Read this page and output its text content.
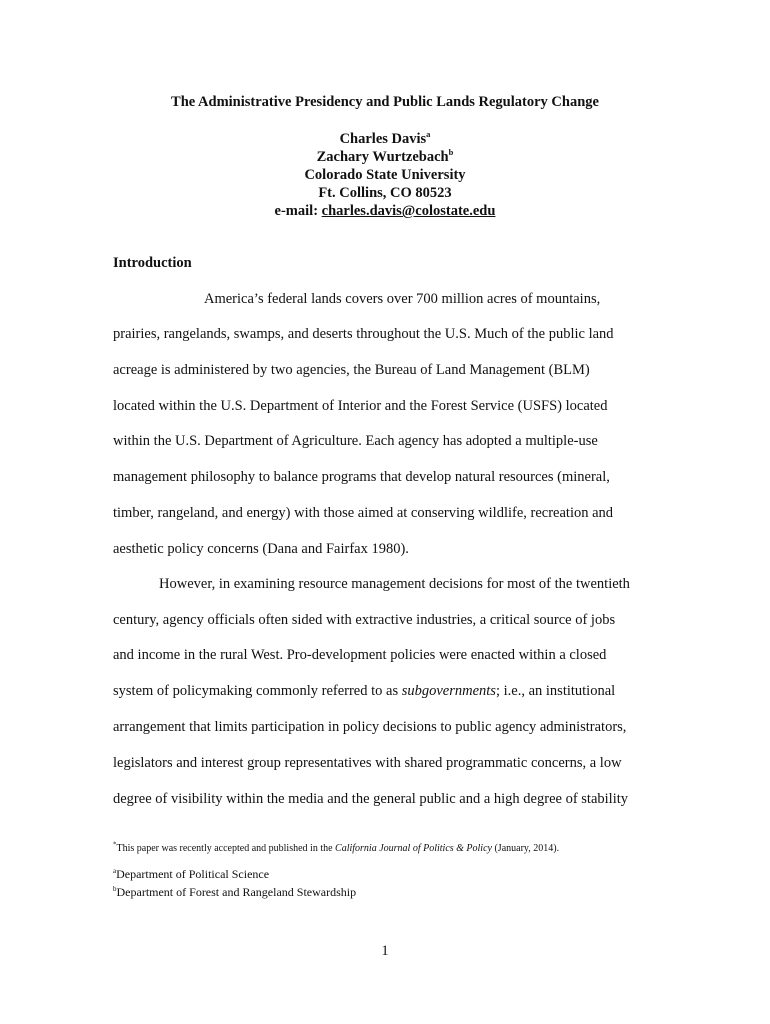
The Administrative Presidency and Public Lands Regulatory Change
Charles Davis$^a$
Zachary Wurtzebach$^b$
Colorado State University
Ft. Collins, CO 80523
e-mail: charles.davis@colostate.edu
Introduction
America’s federal lands covers over 700 million acres of mountains,
prairies, rangelands, swamps, and deserts throughout the U.S. Much of the public land
acreage is administered by two agencies, the Bureau of Land Management (BLM)
located within the U.S. Department of Interior and the Forest Service (USFS) located
within the U.S. Department of Agriculture. Each agency has adopted a multiple-use
management philosophy to balance programs that develop natural resources (mineral,
timber, rangeland, and energy) with those aimed at conserving wildlife, recreation and
aesthetic policy concerns (Dana and Fairfax 1980).
However, in examining resource management decisions for most of the twentieth
century, agency officials often sided with extractive industries, a critical source of jobs
and income in the rural West. Pro-development policies were enacted within a closed
system of policymaking commonly referred to as subgovernments; i.e., an institutional
arrangement that limits participation in policy decisions to public agency administrators,
legislators and interest group representatives with shared programmatic concerns, a low
degree of visibility within the media and the general public and a high degree of stability
*This paper was recently accepted and published in the California Journal of Politics & Policy (January, 2014).
$^a$Department of Political Science
$^b$Department of Forest and Rangeland Stewardship
1
